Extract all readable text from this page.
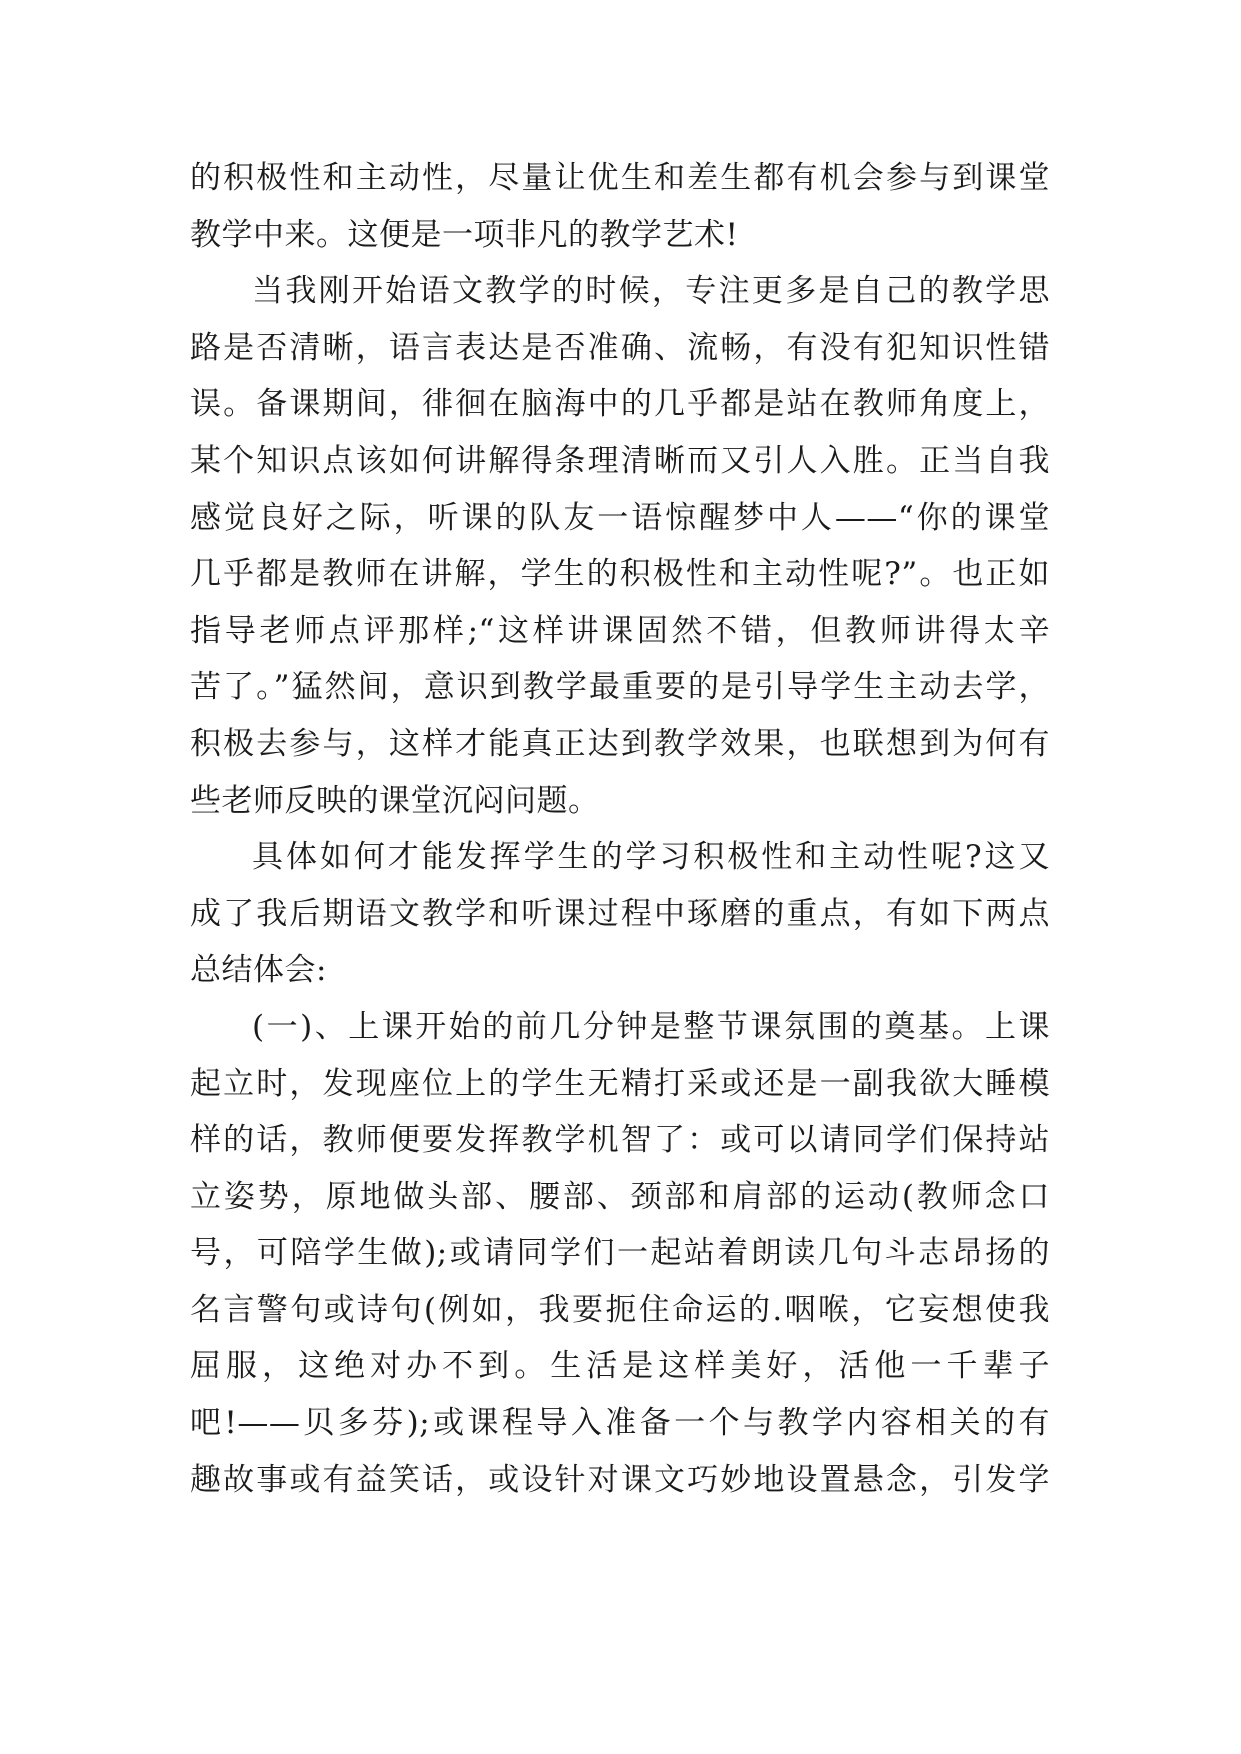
的积极性和主动性，尽量让优生和差生都有机会参与到课堂
教学中来。这便是一项非凡的教学艺术!
当我刚开始语文教学的时候，专注更多是自己的教学思
路是否清晰，语言表达是否准确、流畅，有没有犯知识性错
误。备课期间，徘徊在脑海中的几乎都是站在教师角度上，
某个知识点该如何讲解得条理清晰而又引人入胜。正当自我
感觉良好之际，听课的队友一语惊醒梦中人——“你的课堂
几乎都是教师在讲解，学生的积极性和主动性呢?”。也正如
指导老师点评那样;“这样讲课固然不错，但教师讲得太辛
苦了。”猛然间，意识到教学最重要的是引导学生主动去学，
积极去参与，这样才能真正达到教学效果，也联想到为何有
些老师反映的课堂沉闷问题。
具体如何才能发挥学生的学习积极性和主动性呢?这又
成了我后期语文教学和听课过程中琢磨的重点，有如下两点
总结体会:
(一)、上课开始的前几分钟是整节课氛围的奠基。上课
起立时，发现座位上的学生无精打采或还是一副我欲大睡模
样的话，教师便要发挥教学机智了：或可以请同学们保持站
立姿势，原地做头部、腰部、颈部和肩部的运动(教师念口
号，可陪学生做);或请同学们一起站着朗读几句斗志昂扬的
名言警句或诗句(例如，我要扼住命运的.咽喉，它妄想使我
屈服，这绝对办不到。生活是这样美好，活他一千辈子
吧!——贝多芬);或课程导入准备一个与教学内容相关的有
趣故事或有益笑话，或设针对课文巧妙地设置悬念，引发学
